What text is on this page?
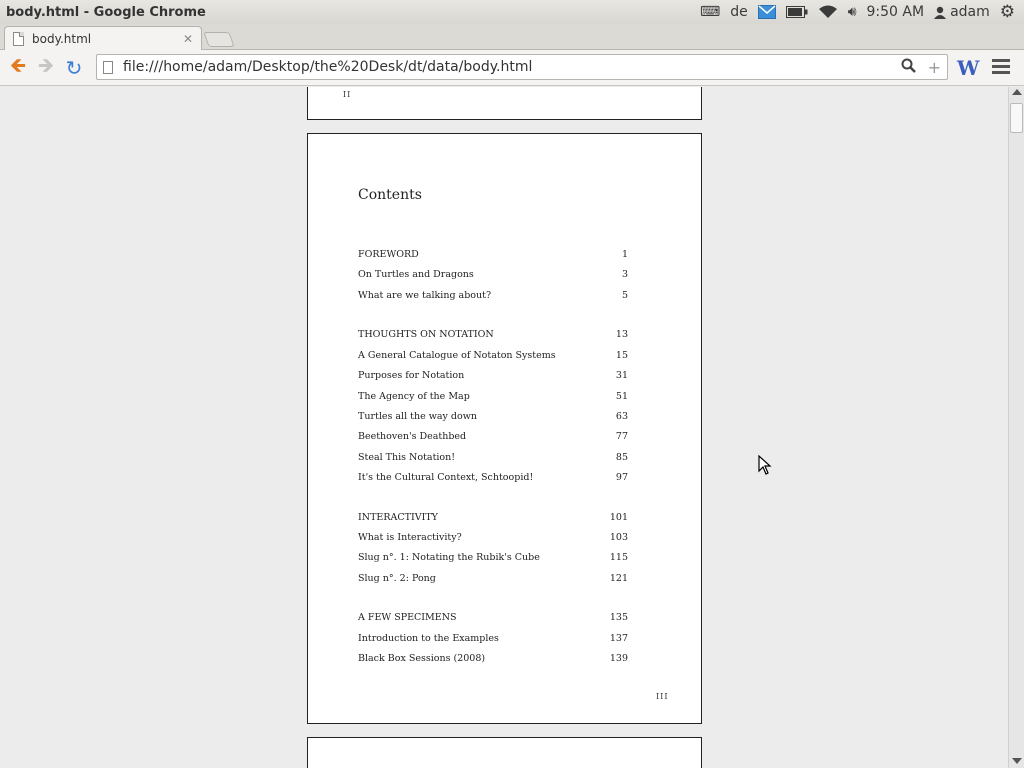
body.html - Google Chrome	⌨ de	🔊︎ 9:50 AM	adam ⚙
body.html	✕
🡸 🡺 ↻	file:///home/adam/Desktop/the%20Desk/dt/data/body.html	+ W
II
Contents
FOREWORD	1
On Turtles and Dragons	3
What are we talking about?	5
THOUGHTS ON NOTATION	13
A General Catalogue of Notaton Systems	15
Purposes for Notation	31
The Agency of the Map	51
Turtles all the way down	63
Beethoven's Deathbed	77
Steal This Notation!	85
It's the Cultural Context, Schtoopid!	97
INTERACTIVITY	101
What is Interactivity?	103
Slug n°. 1: Notating the Rubik's Cube	115
Slug n°. 2: Pong	121
A FEW SPECIMENS	135
Introduction to the Examples	137
Black Box Sessions (2008)	139
III
